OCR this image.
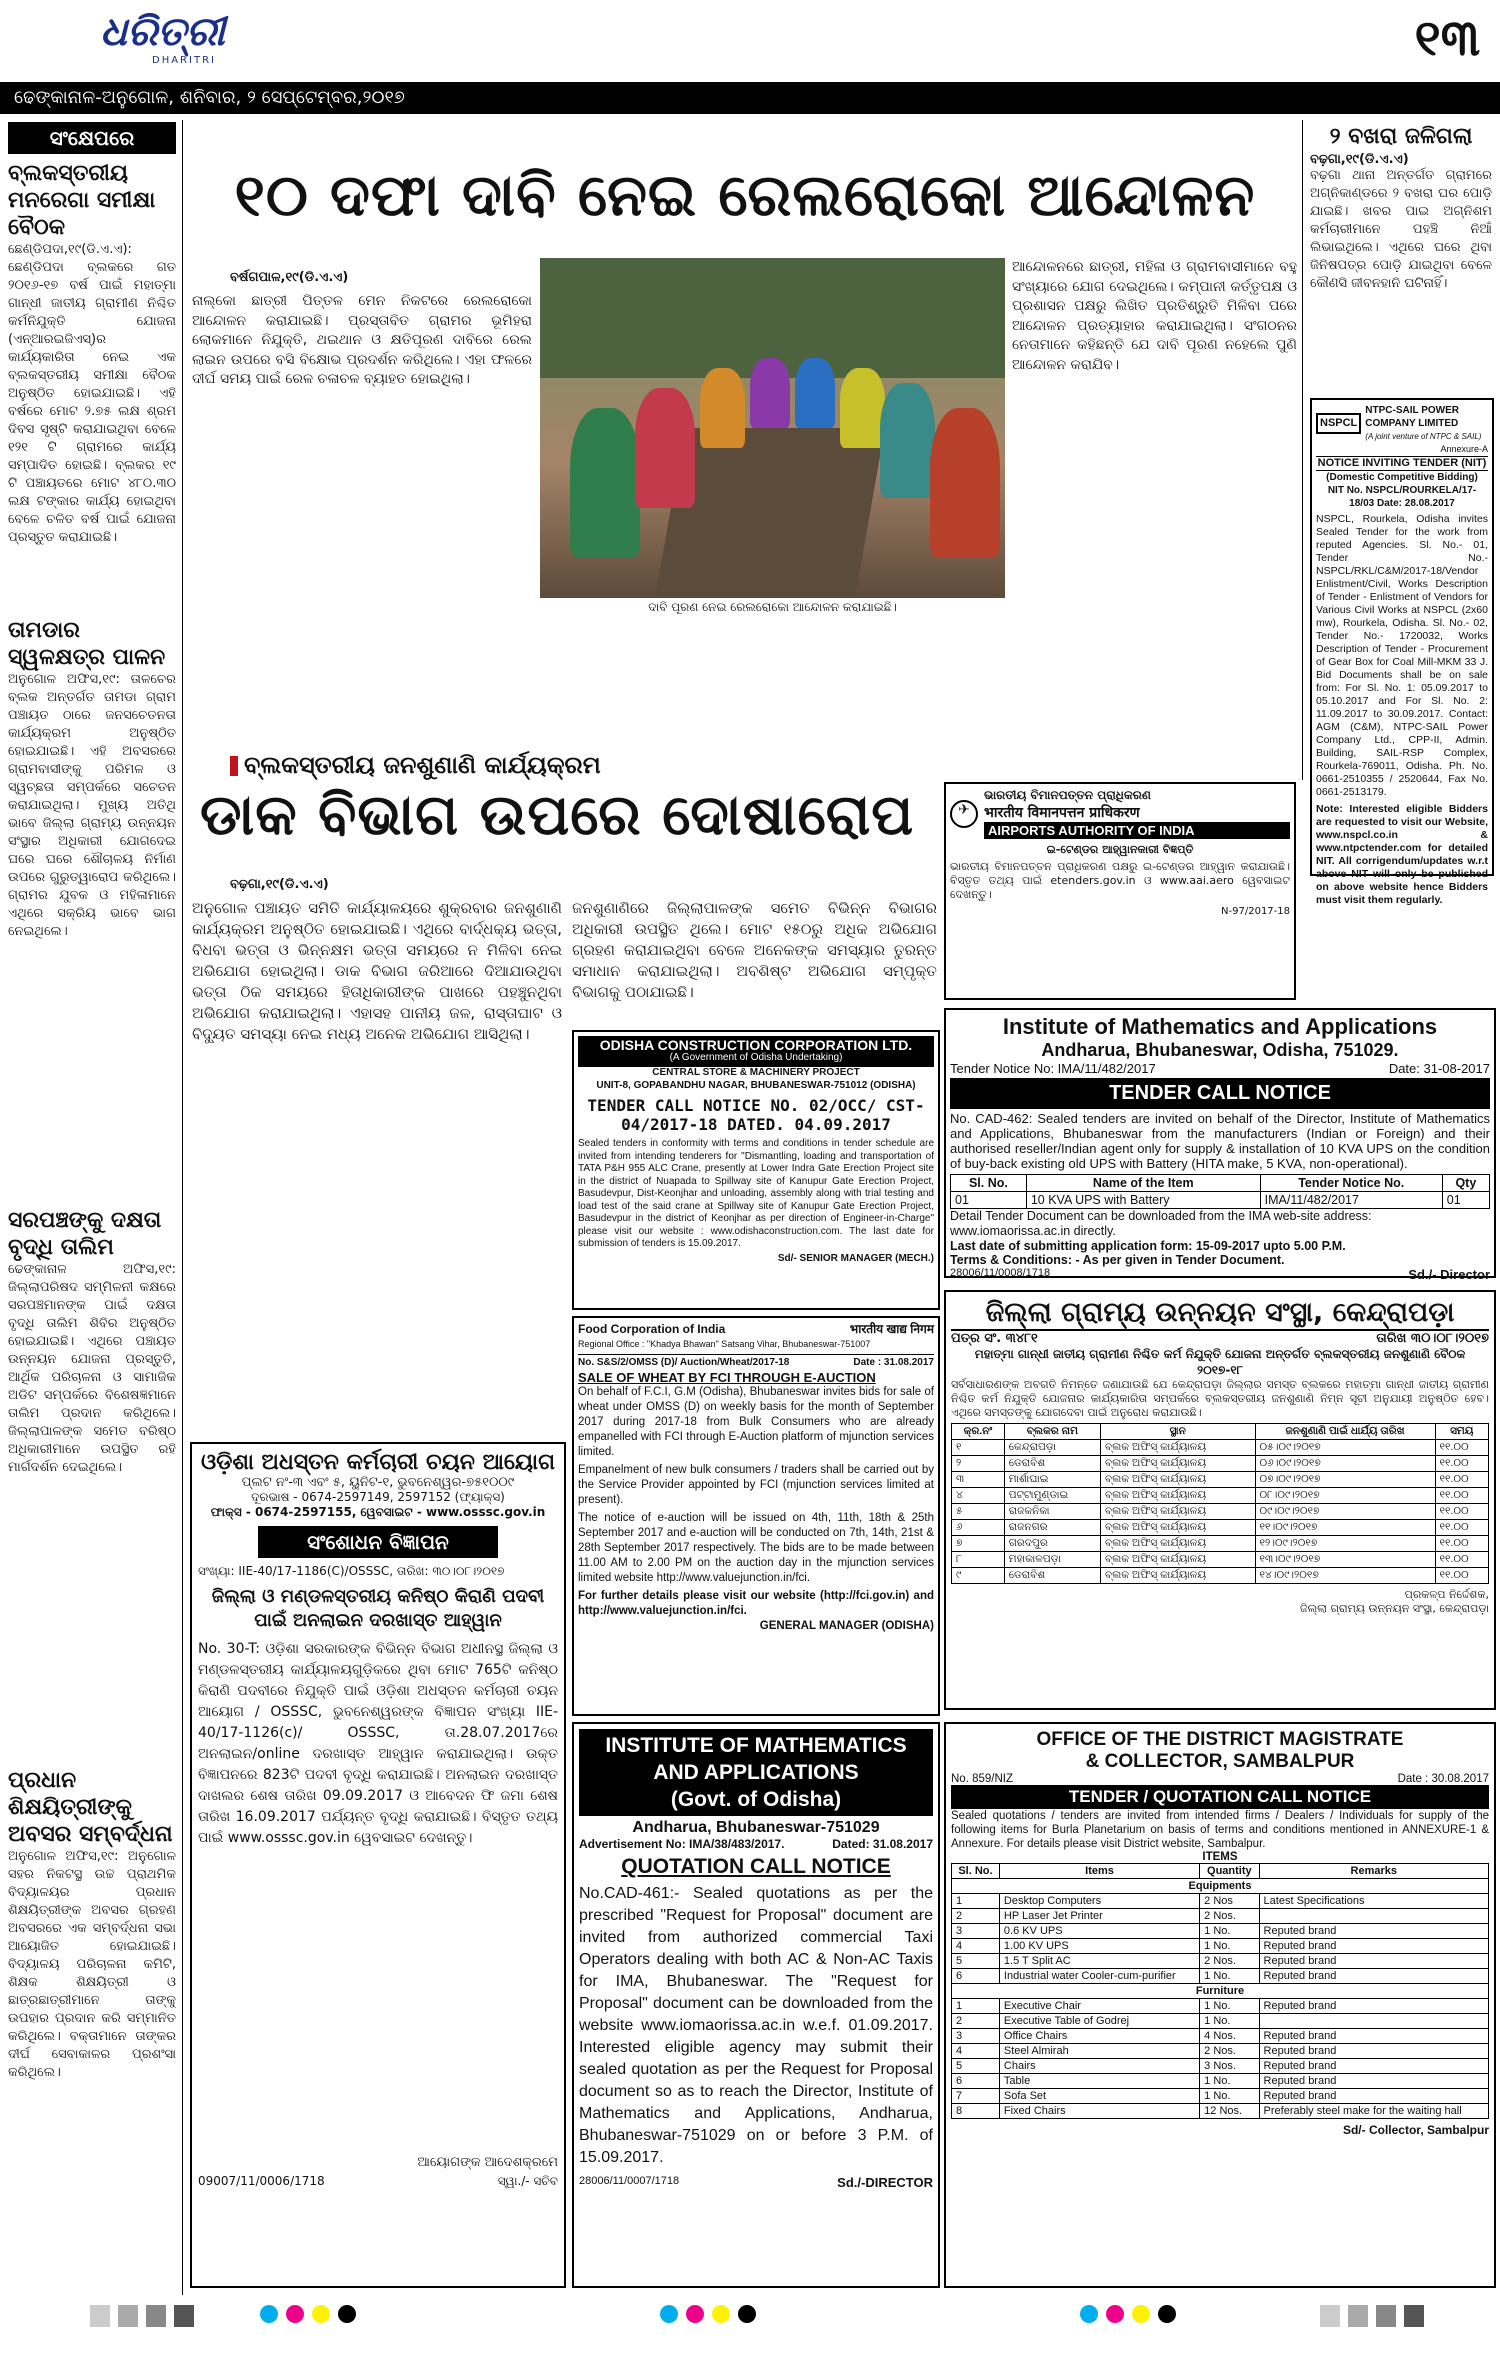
ଧରିତ୍ରୀ
DHARITRI	୧୩
ଢେଙ୍କାନାଳ-ଅନୁଗୋଳ, ଶନିବାର, ୨ ସେପ୍ଟେମ୍ବର,୨୦୧୭
ସଂକ୍ଷେପରେ
ବ୍ଲକସ୍ତରୀୟ ମନରେଗା ସମୀକ୍ଷା ବୈଠକ
ଛେଣ୍ଡିପଦା,୧୯(ଡି.ଏ.ଏ): ଛେଣ୍ଡିପଦା ବ୍ଲକରେ ଗତ ୨୦୧୬-୧୭ ବର୍ଷ ପାଇଁ ମହାତ୍ମା ଗାନ୍ଧୀ ଜାତୀୟ ଗ୍ରାମୀଣ ନିଶ୍ଚିତ କର୍ମନିଯୁକ୍ତି ଯୋଜନା (ଏନ୍‌ଆରଇଜିଏସ୍)ର କାର୍ଯ୍ୟକାରିତା ନେଇ ଏକ ବ୍ଲକସ୍ତରୀୟ ସମୀକ୍ଷା ବୈଠକ ଅନୁଷ୍ଠିତ ହୋଇଯାଇଛି। ଏହି ବର୍ଷରେ ମୋଟ ୨.୭୫ ଲକ୍ଷ ଶ୍ରମ ଦିବସ ସୃଷ୍ଟି କରାଯାଇଥିବା ବେଳେ ୧୨୧ ଟି ଗ୍ରାମରେ କାର୍ଯ୍ୟ ସମ୍ପାଦିତ ହୋଇଛି। ବ୍ଲକର ୧୯ ଟି ପଞ୍ଚାୟତରେ ମୋଟ ୪୮୦.୩୦ ଲକ୍ଷ ଟଙ୍କାର କାର୍ଯ୍ୟ ହୋଇଥିବା ବେଳେ ଚଳିତ ବର୍ଷ ପାଇଁ ଯୋଜନା ପ୍ରସ୍ତୁତ କରାଯାଇଛି।
ତାମଡାର ସ୍ୱଳକ୍ଷତ୍ର ପାଳନ
ଅନୁଗୋଳ ଅଫିସ,୧୯: ତାଳଚେର ବ୍ଲକ ଅନ୍ତର୍ଗତ ତାମଡା ଗ୍ରାମ ପଞ୍ଚାୟତ ଠାରେ ଜନସଚେତନତା କାର୍ଯ୍ୟକ୍ରମ ଅନୁଷ୍ଠିତ ହୋଇଯାଇଛି। ଏହି ଅବସରରେ ଗ୍ରାମବାସୀଙ୍କୁ ପରିମଳ ଓ ସ୍ୱଚ୍ଛତା ସମ୍ପର୍କରେ ସଚେତନ କରାଯାଇଥିଲା। ମୁଖ୍ୟ ଅତିଥି ଭାବେ ଜିଲ୍ଲା ଗ୍ରାମ୍ୟ ଉନ୍ନୟନ ସଂସ୍ଥାର ଅଧିକାରୀ ଯୋଗଦେଇ ଘରେ ଘରେ ଶୌଚାଳୟ ନିର୍ମାଣ ଉପରେ ଗୁରୁତ୍ୱାରୋପ କରିଥିଲେ। ଗ୍ରାମର ଯୁବକ ଓ ମହିଳାମାନେ ଏଥିରେ ସକ୍ରିୟ ଭାବେ ଭାଗ ନେଇଥିଲେ।
ସରପଞ୍ଚଙ୍କୁ ଦକ୍ଷତା ବୃଦ୍ଧି ତାଲିମ
ଢେଙ୍କାନାଳ ଅଫିସ,୧୯: ଜିଲ୍ଲାପରିଷଦ ସମ୍ମିଳନୀ କକ୍ଷରେ ସରପଞ୍ଚମାନଙ୍କ ପାଇଁ ଦକ୍ଷତା ବୃଦ୍ଧି ତାଲିମ ଶିବିର ଅନୁଷ୍ଠିତ ହୋଇଯାଇଛି। ଏଥିରେ ପଞ୍ଚାୟତ ଉନ୍ନୟନ ଯୋଜନା ପ୍ରସ୍ତୁତି, ଆର୍ଥିକ ପରିଚାଳନା ଓ ସାମାଜିକ ଅଡିଟ ସମ୍ପର୍କରେ ବିଶେଷଜ୍ଞମାନେ ତାଲିମ ପ୍ରଦାନ କରିଥିଲେ। ଜିଲ୍ଲାପାଳଙ୍କ ସମେତ ବରିଷ୍ଠ ଅଧିକାରୀମାନେ ଉପସ୍ଥିତ ରହି ମାର୍ଗଦର୍ଶନ ଦେଇଥିଲେ।
ପ୍ରଧାନ ଶିକ୍ଷୟିତ୍ରୀଙ୍କୁ ଅବସର ସମ୍ବର୍ଦ୍ଧନା
ଅନୁଗୋଳ ଅଫିସ,୧୯: ଅନୁଗୋଳ ସହର ନିକଟସ୍ଥ ଉଚ୍ଚ ପ୍ରାଥମିକ ବିଦ୍ୟାଳୟର ପ୍ରଧାନ ଶିକ୍ଷୟିତ୍ରୀଙ୍କ ଅବସର ଗ୍ରହଣ ଅବସରରେ ଏକ ସମ୍ବର୍ଦ୍ଧନା ସଭା ଆୟୋଜିତ ହୋଇଯାଇଛି। ବିଦ୍ୟାଳୟ ପରିଚାଳନା କମିଟି, ଶିକ୍ଷକ ଶିକ୍ଷୟିତ୍ରୀ ଓ ଛାତ୍ରଛାତ୍ରୀମାନେ ତାଙ୍କୁ ଉପହାର ପ୍ରଦାନ କରି ସମ୍ମାନିତ କରିଥିଲେ। ବକ୍ତାମାନେ ତାଙ୍କର ଦୀର୍ଘ ସେବାକାଳର ପ୍ରଶଂସା କରିଥିଲେ।
୧୦ ଦଫା ଦାବି ନେଇ ରେଲରୋକୋ ଆନ୍ଦୋଳନ
ବର୍ଷଗପାଳ,୧୯(ଡି.ଏ.ଏ)
ନାଲ୍କୋ ଛାତ୍ରୀ ପିତ୍ତଳ ମେନ ନିକଟରେ ରେଲରୋକୋ ଆନ୍ଦୋଳନ କରାଯାଇଛି। ପ୍ରସ୍ତାବିତ ଗ୍ରାମର ଭୂମିହରା ଲୋକମାନେ ନିଯୁକ୍ତି, ଥଇଥାନ ଓ କ୍ଷତିପୂରଣ ଦାବିରେ ରେଲ ଲାଇନ ଉପରେ ବସି ବିକ୍ଷୋଭ ପ୍ରଦର୍ଶନ କରିଥିଲେ। ଏହା ଫଳରେ ଦୀର୍ଘ ସମୟ ପାଇଁ ରେଳ ଚଳାଚଳ ବ୍ୟାହତ ହୋଇଥିଲା।
ଦାବି ପୂରଣ ନେଇ ରେଲରୋକୋ ଆନ୍ଦୋଳନ କରାଯାଇଛି।
ଆନ୍ଦୋଳନରେ ଛାତ୍ରୀ, ମହିଳା ଓ ଗ୍ରାମବାସୀମାନେ ବହୁ ସଂଖ୍ୟାରେ ଯୋଗ ଦେଇଥିଲେ। କମ୍ପାନୀ କର୍ତ୍ତୃପକ୍ଷ ଓ ପ୍ରଶାସନ ପକ୍ଷରୁ ଲିଖିତ ପ୍ରତିଶ୍ରୁତି ମିଳିବା ପରେ ଆନ୍ଦୋଳନ ପ୍ରତ୍ୟାହାର କରାଯାଇଥିଲା। ସଂଗଠନର ନେତାମାନେ କହିଛନ୍ତି ଯେ ଦାବି ପୂରଣ ନହେଲେ ପୁଣି ଆନ୍ଦୋଳନ କରାଯିବ।
୨ ବଖରା ଜଳିଗଲା
ବଢ଼ଗା,୧୯(ଡି.ଏ.ଏ)
ବଢ଼ଗା ଥାନା ଅନ୍ତର୍ଗତ ଗ୍ରାମରେ ଅଗ୍ନିକାଣ୍ଡରେ ୨ ବଖରା ଘର ପୋଡ଼ି ଯାଇଛି। ଖବର ପାଇ ଅଗ୍ନିଶମ କର୍ମଚାରୀମାନେ ପହଞ୍ଚି ନିଆଁ ଲିଭାଇଥିଲେ। ଏଥିରେ ଘରେ ଥିବା ଜିନିଷପତ୍ର ପୋଡ଼ି ଯାଇଥିବା ବେଳେ କୌଣସି ଜୀବନହାନି ଘଟିନାହିଁ।
NSPCL
NTPC-SAIL POWER COMPANY LIMITED
(A joint venture of NTPC & SAIL)
Annexure-A
NOTICE INVITING TENDER (NIT)
(Domestic Competitive Bidding)
NIT No. NSPCL/ROURKELA/17-18/03 Date: 28.08.2017
NSPCL, Rourkela, Odisha invites Sealed Tender for the work from reputed Agencies. Sl. No.- 01, Tender No.- NSPCL/RKL/C&M/2017-18/Vendor Enlistment/Civil, Works Description of Tender - Enlistment of Vendors for Various Civil Works at NSPCL (2x60 mw), Rourkela, Odisha. Sl. No.- 02, Tender No.- 1720032, Works Description of Tender - Procurement of Gear Box for Coal Mill-MKM 33 J. Bid Documents shall be on sale from: For Sl. No. 1: 05.09.2017 to 05.10.2017 and For Sl. No. 2: 11.09.2017 to 30.09.2017. Contact: AGM (C&M), NTPC-SAIL Power Company Ltd., CPP-II, Admin. Building, SAIL-RSP Complex, Rourkela-769011, Odisha. Ph. No. 0661-2510355 / 2520644, Fax No. 0661-2513179.
Note: Interested eligible Bidders are requested to visit our Website, www.nspcl.co.in & www.ntpctender.com for detailed NIT. All corrigendum/updates w.r.t above NIT will only be published on above website hence Bidders must visit them regularly.
ବ୍ଲକସ୍ତରୀୟ ଜନଶୁଣାଣି କାର୍ଯ୍ୟକ୍ରମ
ଡାକ ବିଭାଗ ଉପରେ ଦୋଷାରୋପ
ବଢ଼ଗା,୧୯(ଡି.ଏ.ଏ)
ଅନୁଗୋଳ ପଞ୍ଚାୟତ ସମିତି କାର୍ଯ୍ୟାଳୟରେ ଶୁକ୍ରବାର ଜନଶୁଣାଣି କାର୍ଯ୍ୟକ୍ରମ ଅନୁଷ୍ଠିତ ହୋଇଯାଇଛି। ଏଥିରେ ବାର୍ଦ୍ଧକ୍ୟ ଭତ୍ତା, ବିଧବା ଭତ୍ତା ଓ ଭିନ୍ନକ୍ଷମ ଭତ୍ତା ସମୟରେ ନ ମିଳିବା ନେଇ ଅଭିଯୋଗ ହୋଇଥିଲା। ଡାକ ବିଭାଗ ଜରିଆରେ ଦିଆଯାଉଥିବା ଭତ୍ତା ଠିକ ସମୟରେ ହିତାଧିକାରୀଙ୍କ ପାଖରେ ପହଞ୍ଚୁନଥିବା ଅଭିଯୋଗ କରାଯାଇଥିଲା। ଏହାସହ ପାନୀୟ ଜଳ, ରାସ୍ତାଘାଟ ଓ ବିଦ୍ୟୁତ ସମସ୍ୟା ନେଇ ମଧ୍ୟ ଅନେକ ଅଭିଯୋଗ ଆସିଥିଲା।
ଜନଶୁଣାଣିରେ ଜିଲ୍ଲାପାଳଙ୍କ ସମେତ ବିଭିନ୍ନ ବିଭାଗର ଅଧିକାରୀ ଉପସ୍ଥିତ ଥିଲେ। ମୋଟ ୧୫୦ରୁ ଅଧିକ ଅଭିଯୋଗ ଗ୍ରହଣ କରାଯାଇଥିବା ବେଳେ ଅନେକଙ୍କ ସମସ୍ୟାର ତୁରନ୍ତ ସମାଧାନ କରାଯାଇଥିଲା। ଅବଶିଷ୍ଟ ଅଭିଯୋଗ ସମ୍ପୃକ୍ତ ବିଭାଗକୁ ପଠାଯାଇଛି।
✈
ଭାରତୀୟ ବିମାନପତ୍ତନ ପ୍ରାଧିକରଣ
भारतीय विमानपत्तन प्राधिकरण
AIRPORTS AUTHORITY OF INDIA
ଇ-ଟେଣ୍ଡର ଆହ୍ୱାନକାରୀ ବିଜ୍ଞପ୍ତି
ଭାରତୀୟ ବିମାନପତ୍ତନ ପ୍ରାଧିକରଣ ପକ୍ଷରୁ ଇ-ଟେଣ୍ଡର ଆହ୍ୱାନ କରାଯାଉଛି। ବିସ୍ତୃତ ତଥ୍ୟ ପାଇଁ etenders.gov.in ଓ www.aai.aero ୱେବସାଇଟ ଦେଖନ୍ତୁ।
N-97/2017-18
ODISHA CONSTRUCTION CORPORATION LTD.
(A Government of Odisha Undertaking)
CENTRAL STORE & MACHINERY PROJECT
UNIT-8, GOPABANDHU NAGAR, BHUBANESWAR-751012 (ODISHA)
TENDER CALL NOTICE NO. 02/OCC/ CST-04/2017-18 DATED. 04.09.2017
Sealed tenders in conformity with terms and conditions in tender schedule are invited from intending tenderers for "Dismantling, loading and transportation of TATA P&H 955 ALC Crane, presently at Lower Indra Gate Erection Project site in the district of Nuapada to Spillway site of Kanupur Gate Erection Project, Basudevpur, Dist-Keonjhar and unloading, assembly along with trial testing and load test of the said crane at Spillway site of Kanupur Gate Erection Project, Basudevpur in the district of Keonjhar as per direction of Engineer-in-Charge" please visit our website : www.odishaconstruction.com. The last date for submission of tenders is 15.09.2017.
Sd/- SENIOR MANAGER (MECH.)
Food Corporation of India	भारतीय खाद्य निगम
Regional Office : "Khadya Bhawan" Satsang Vihar, Bhubaneswar-751007
No. S&S/2/OMSS (D)/ Auction/Wheat/2017-18	Date : 31.08.2017
SALE OF WHEAT BY FCI THROUGH E-AUCTION
On behalf of F.C.I, G.M (Odisha), Bhubaneswar invites bids for sale of wheat under OMSS (D) on weekly basis for the month of September 2017 during 2017-18 from Bulk Consumers who are already empanelled with FCI through E-Auction platform of mjunction services limited.
Empanelment of new bulk consumers / traders shall be carried out by the Service Provider appointed by FCI (mjunction services limited at present).
The notice of e-auction will be issued on 4th, 11th, 18th & 25th September 2017 and e-auction will be conducted on 7th, 14th, 21st & 28th September 2017 respectively. The bids are to be made between 11.00 AM to 2.00 PM on the auction day in the mjunction services limited website http://www.valuejunction.in/fci.
For further details please visit our website (http://fci.gov.in) and http://www.valuejunction.in/fci.
GENERAL MANAGER (ODISHA)
ଓଡ଼ିଶା ଅଧସ୍ତନ କର୍ମଚାରୀ ଚୟନ ଆୟୋଗ
ପ୍ଲଟ ନଂ-୩ ଏବଂ ୫, ୟୁନିଟ-୧, ଭୁବନେଶ୍ୱର-୭୫୧୦୦୯
ଦୂରଭାଷ - 0674-2597149, 2597152 (ଫ୍ୟାକ୍ସ)
ଫାକ୍ସ - 0674-2597155, ୱେବସାଇଟ - www.osssc.gov.in
ସଂଶୋଧନ ବିଜ୍ଞାପନ
ସଂଖ୍ୟା: IIE-40/17-1186(C)/OSSSC, ତାରିଖ: ୩୦।୦୮।୨୦୧୭
ଜିଲ୍ଲା ଓ ମଣ୍ଡଳସ୍ତରୀୟ କନିଷ୍ଠ କିରାଣି ପଦବୀ ପାଇଁ ଅନଲାଇନ ଦରଖାସ୍ତ ଆହ୍ୱାନ
No. 30-T: ଓଡ଼ିଶା ସରକାରଙ୍କ ବିଭିନ୍ନ ବିଭାଗ ଅଧୀନସ୍ଥ ଜିଲ୍ଲା ଓ ମଣ୍ଡଳସ୍ତରୀୟ କାର୍ଯ୍ୟାଳୟଗୁଡ଼ିକରେ ଥିବା ମୋଟ 765ଟି କନିଷ୍ଠ କିରାଣି ପଦବୀରେ ନିଯୁକ୍ତି ପାଇଁ ଓଡ଼ିଶା ଅଧସ୍ତନ କର୍ମଚାରୀ ଚୟନ ଆୟୋଗ / OSSSC, ଭୁବନେଶ୍ୱରଙ୍କ ବିଜ୍ଞାପନ ସଂଖ୍ୟା IIE-40/17-1126(c)/ OSSSC, ତା.28.07.2017ରେ ଅନଲାଇନ/online ଦରଖାସ୍ତ ଆହ୍ୱାନ କରାଯାଇଥିଲା। ଉକ୍ତ ବିଜ୍ଞାପନରେ 823ଟି ପଦବୀ ବୃଦ୍ଧି କରାଯାଇଛି। ଅନଲାଇନ ଦରଖାସ୍ତ ଦାଖଲର ଶେଷ ତାରିଖ 09.09.2017 ଓ ଆବେଦନ ଫି ଜମା ଶେଷ ତାରିଖ 16.09.2017 ପର୍ଯ୍ୟନ୍ତ ବୃଦ୍ଧି କରାଯାଇଛି। ବିସ୍ତୃତ ତଥ୍ୟ ପାଇଁ www.osssc.gov.in ୱେବସାଇଟ ଦେଖନ୍ତୁ।
ଆୟୋଗଙ୍କ ଆଦେଶକ୍ରମେ
09007/11/0006/1718	ସ୍ୱା./- ସଚିବ
Institute of Mathematics and Applications
Andharua, Bhubaneswar, Odisha, 751029.
Tender Notice No: IMA/11/482/2017	Date: 31-08-2017
TENDER CALL NOTICE
No. CAD-462: Sealed tenders are invited on behalf of the Director, Institute of Mathematics and Applications, Bhubaneswar from the manufacturers (Indian or Foreign) and their authorised reseller/Indian agent only for supply & installation of 10 KVA UPS on the condition of buy-back existing old UPS with Battery (HITA make, 5 KVA, non-operational).
Sl. No.	Name of the Item	Tender Notice No.	Qty
01	10 KVA UPS with Battery	IMA/11/482/2017	01
Detail Tender Document can be downloaded from the IMA web-site address: www.iomaorissa.ac.in directly.
Last date of submitting application form: 15-09-2017 upto 5.00 P.M.
Terms & Conditions: - As per given in Tender Document.
28006/11/0008/1718	Sd./- Director
ଜିଲ୍ଲା ଗ୍ରାମ୍ୟ ଉନ୍ନୟନ ସଂସ୍ଥା, କେନ୍ଦ୍ରାପଡ଼ା
ପତ୍ର ସଂ. ୩୪୮୧	ତାରିଖ ୩୦।୦୮।୨୦୧୭
ମହାତ୍ମା ଗାନ୍ଧୀ ଜାତୀୟ ଗ୍ରାମୀଣ ନିଶ୍ଚିତ କର୍ମ ନିଯୁକ୍ତି ଯୋଜନା ଅନ୍ତର୍ଗତ ବ୍ଲକସ୍ତରୀୟ ଜନଶୁଣାଣି ବୈଠକ ୨୦୧୭-୧୮
ସର୍ବସାଧାରଣଙ୍କ ଅବଗତି ନିମନ୍ତେ ଜଣାଯାଉଛି ଯେ କେନ୍ଦ୍ରାପଡ଼ା ଜିଲ୍ଲାର ସମସ୍ତ ବ୍ଲକରେ ମହାତ୍ମା ଗାନ୍ଧୀ ଜାତୀୟ ଗ୍ରାମୀଣ ନିଶ୍ଚିତ କର୍ମ ନିଯୁକ୍ତି ଯୋଜନାର କାର୍ଯ୍ୟକାରିତା ସମ୍ପର୍କରେ ବ୍ଲକସ୍ତରୀୟ ଜନଶୁଣାଣି ନିମ୍ନ ସୂଚୀ ଅନୁଯାୟୀ ଅନୁଷ୍ଠିତ ହେବ। ଏଥିରେ ସମସ୍ତଙ୍କୁ ଯୋଗଦେବା ପାଇଁ ଅନୁରୋଧ କରାଯାଉଛି।
କ୍ର.ନଂ	ବ୍ଲକର ନାମ	ସ୍ଥାନ	ଜନଶୁଣାଣି ପାଇଁ ଧାର୍ଯ୍ୟ ତାରିଖ	ସମୟ
୧	କେନ୍ଦ୍ରାପଡ଼ା	ବ୍ଲକ ଅଫିସ୍ କାର୍ଯ୍ୟାଳୟ	୦୫।୦୯।୨୦୧୭	୧୧.୦୦
୨	ଡେରାବିଶ	ବ୍ଲକ ଅଫିସ୍ କାର୍ଯ୍ୟାଳୟ	୦୬।୦୯।୨୦୧୭	୧୧.୦୦
୩	ମାର୍ଶାଘାଇ	ବ୍ଲକ ଅଫିସ୍ କାର୍ଯ୍ୟାଳୟ	୦୭।୦୯।୨୦୧୭	୧୧.୦୦
୪	ପଟ୍ଟାମୁଣ୍ଡାଇ	ବ୍ଲକ ଅଫିସ୍ କାର୍ଯ୍ୟାଳୟ	୦୮।୦୯।୨୦୧୭	୧୧.୦୦
୫	ରାଜକନିକା	ବ୍ଲକ ଅଫିସ୍ କାର୍ଯ୍ୟାଳୟ	୦୯।୦୯।୨୦୧୭	୧୧.୦୦
୬	ରାଜନଗର	ବ୍ଲକ ଅଫିସ୍ କାର୍ଯ୍ୟାଳୟ	୧୧।୦୯।୨୦୧୭	୧୧.୦୦
୭	ଗରଦପୁର	ବ୍ଲକ ଅଫିସ୍ କାର୍ଯ୍ୟାଳୟ	୧୨।୦୯।୨୦୧୭	୧୧.୦୦
୮	ମହାକାଳପଡ଼ା	ବ୍ଲକ ଅଫିସ୍ କାର୍ଯ୍ୟାଳୟ	୧୩।୦୯।୨୦୧୭	୧୧.୦୦
୯	ଡେରାବିଶ	ବ୍ଲକ ଅଫିସ୍ କାର୍ଯ୍ୟାଳୟ	୧୪।୦୯।୨୦୧୭	୧୧.୦୦
ପ୍ରକଳ୍ପ ନିର୍ଦ୍ଦେଶକ,
ଜିଲ୍ଲା ଗ୍ରାମ୍ୟ ଉନ୍ନୟନ ସଂସ୍ଥା, କେନ୍ଦ୍ରାପଡ଼ା
INSTITUTE OF MATHEMATICS AND APPLICATIONS
(Govt. of Odisha)
Andharua, Bhubaneswar-751029
Advertisement No: IMA/38/483/2017.	Dated: 31.08.2017
QUOTATION CALL NOTICE
No.CAD-461:- Sealed quotations as per the prescribed "Request for Proposal" document are invited from authorized commercial Taxi Operators dealing with both AC & Non-AC Taxis for IMA, Bhubaneswar. The "Request for Proposal" document can be downloaded from the website www.iomaorissa.ac.in w.e.f. 01.09.2017. Interested eligible agency may submit their sealed quotation as per the Request for Proposal document so as to reach the Director, Institute of Mathematics and Applications, Andharua, Bhubaneswar-751029 on or before 3 P.M. of 15.09.2017.
28006/11/0007/1718	Sd./-DIRECTOR
OFFICE OF THE DISTRICT MAGISTRATE
& COLLECTOR, SAMBALPUR
No. 859/NIZ	Date : 30.08.2017
TENDER / QUOTATION CALL NOTICE
Sealed quotations / tenders are invited from intended firms / Dealers / Individuals for supply of the following items for Burla Planetarium on basis of terms and conditions mentioned in ANNEXURE-1 & Annexure. For details please visit District website, Sambalpur.
ITEMS
Sl. No.	Items	Quantity	Remarks
Equipments			
1	Desktop Computers	2 Nos	Latest Specifications
2	HP Laser Jet Printer	2 Nos.	
3	0.6 KV UPS	1 No.	Reputed brand
4	1.00 KV UPS	1 No.	Reputed brand
5	1.5 T Split AC	2 Nos.	Reputed brand
6	Industrial water Cooler-cum-purifier	1 No.	Reputed brand
Furniture			
1	Executive Chair	1 No.	Reputed brand
2	Executive Table of Godrej	1 No.	
3	Office Chairs	4 Nos.	Reputed brand
4	Steel Almirah	2 Nos.	Reputed brand
5	Chairs	3 Nos.	Reputed brand
6	Table	1 No.	Reputed brand
7	Sofa Set	1 No.	Reputed brand
8	Fixed Chairs	12 Nos.	Preferably steel make for the waiting hall
Sd/- Collector, Sambalpur
